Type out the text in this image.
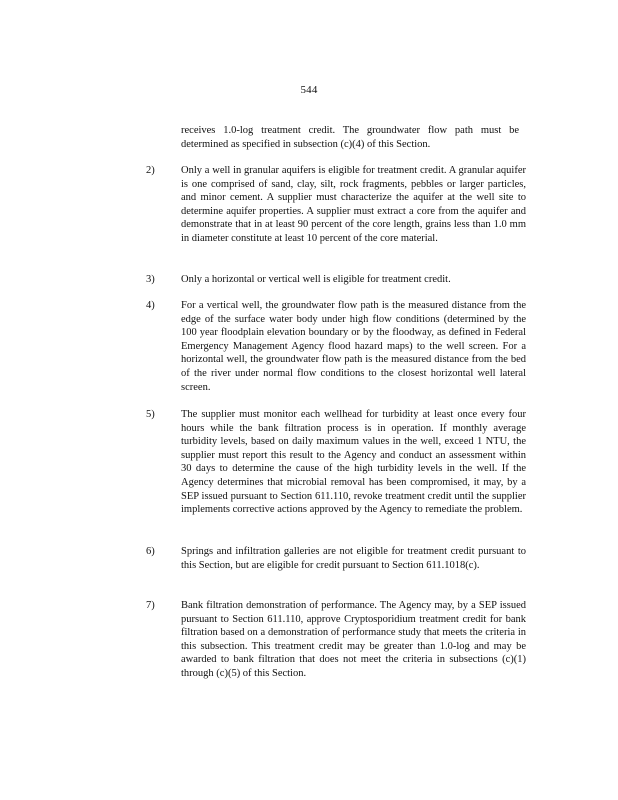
544
receives 1.0-log treatment credit. The groundwater flow path must be determined as specified in subsection (c)(4) of this Section.
2)	Only a well in granular aquifers is eligible for treatment credit. A granular aquifer is one comprised of sand, clay, silt, rock fragments, pebbles or larger particles, and minor cement. A supplier must characterize the aquifer at the well site to determine aquifer properties. A supplier must extract a core from the aquifer and demonstrate that in at least 90 percent of the core length, grains less than 1.0 mm in diameter constitute at least 10 percent of the core material.
3)	Only a horizontal or vertical well is eligible for treatment credit.
4)	For a vertical well, the groundwater flow path is the measured distance from the edge of the surface water body under high flow conditions (determined by the 100 year floodplain elevation boundary or by the floodway, as defined in Federal Emergency Management Agency flood hazard maps) to the well screen. For a horizontal well, the groundwater flow path is the measured distance from the bed of the river under normal flow conditions to the closest horizontal well lateral screen.
5)	The supplier must monitor each wellhead for turbidity at least once every four hours while the bank filtration process is in operation. If monthly average turbidity levels, based on daily maximum values in the well, exceed 1 NTU, the supplier must report this result to the Agency and conduct an assessment within 30 days to determine the cause of the high turbidity levels in the well. If the Agency determines that microbial removal has been compromised, it may, by a SEP issued pursuant to Section 611.110, revoke treatment credit until the supplier implements corrective actions approved by the Agency to remediate the problem.
6)	Springs and infiltration galleries are not eligible for treatment credit pursuant to this Section, but are eligible for credit pursuant to Section 611.1018(c).
7)	Bank filtration demonstration of performance. The Agency may, by a SEP issued pursuant to Section 611.110, approve Cryptosporidium treatment credit for bank filtration based on a demonstration of performance study that meets the criteria in this subsection. This treatment credit may be greater than 1.0-log and may be awarded to bank filtration that does not meet the criteria in subsections (c)(1) through (c)(5) of this Section.
